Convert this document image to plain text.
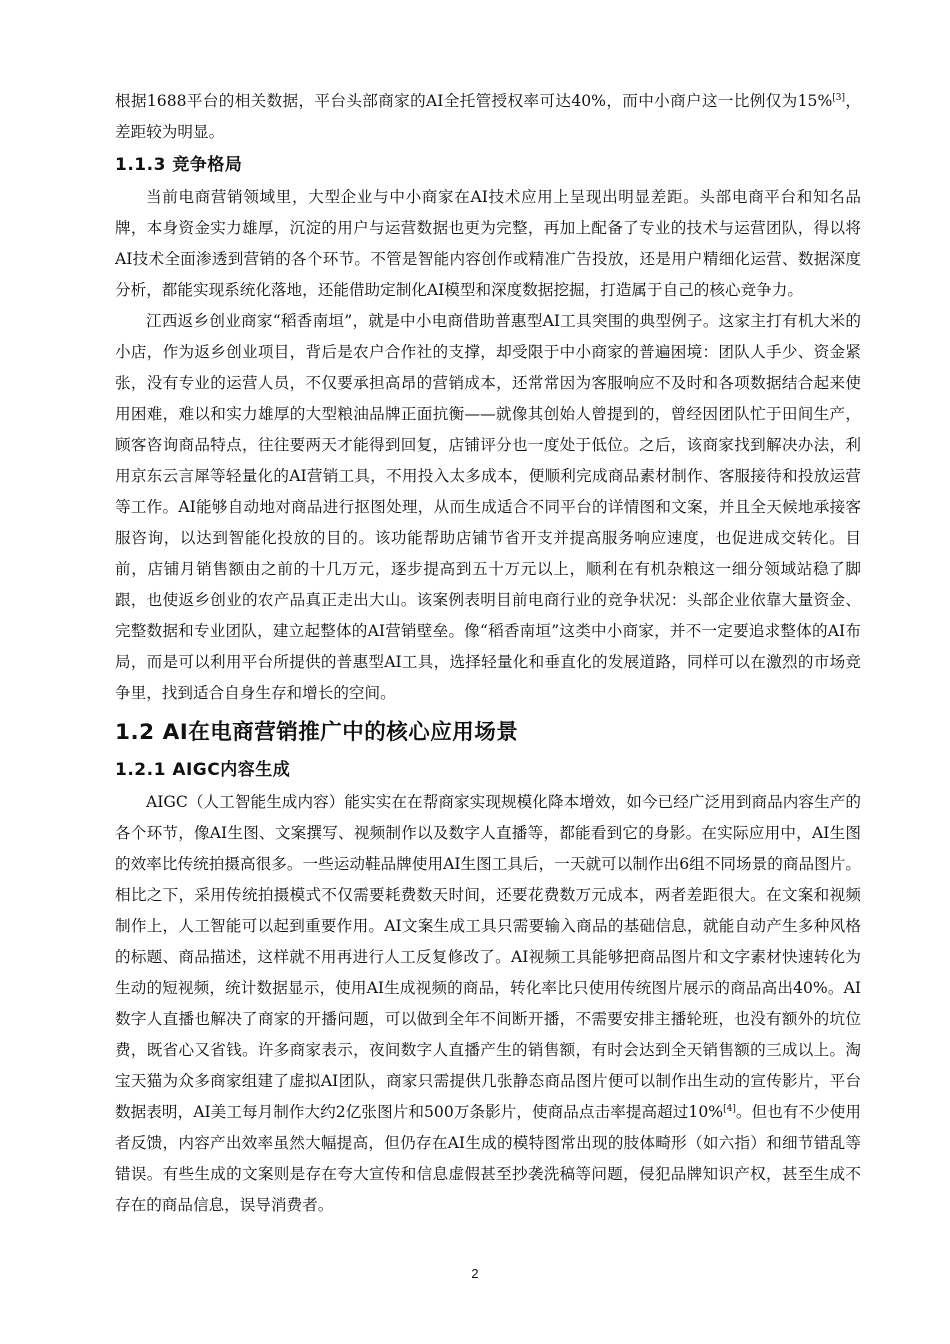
根据1688平台的相关数据，平台头部商家的AI全托管授权率可达40%，而中小商户这一比例仅为15%[3]，差距较为明显。

1.1.3 竞争格局

当前电商营销领域里，大型企业与中小商家在AI技术应用上呈现出明显差距。头部电商平台和知名品牌，本身资金实力雄厚，沉淀的用户与运营数据也更为完整，再加上配备了专业的技术与运营团队，得以将AI技术全面渗透到营销的各个环节。不管是智能内容创作或精准广告投放，还是用户精细化运营、数据深度分析，都能实现系统化落地，还能借助定制化AI模型和深度数据挖掘，打造属于自己的核心竞争力。

江西返乡创业商家“稻香南垣”，就是中小电商借助普惠型AI工具突围的典型例子。这家主打有机大米的小店，作为返乡创业项目，背后是农户合作社的支撑，却受限于中小商家的普遍困境：团队人手少、资金紧张，没有专业的运营人员，不仅要承担高昂的营销成本，还常常因为客服响应不及时和各项数据结合起来使用困难，难以和实力雄厚的大型粮油品牌正面抗衡——就像其创始人曾提到的，曾经因团队忙于田间生产，顾客咨询商品特点，往往要两天才能得到回复，店铺评分也一度处于低位。之后，该商家找到解决办法，利用京东云言犀等轻量化的AI营销工具，不用投入太多成本，便顺利完成商品素材制作、客服接待和投放运营等工作。AI能够自动地对商品进行抠图处理，从而生成适合不同平台的详情图和文案，并且全天候地承接客服咨询，以达到智能化投放的目的。该功能帮助店铺节省开支并提高服务响应速度，也促进成交转化。目前，店铺月销售额由之前的十几万元，逐步提高到五十万元以上，顺利在有机杂粮这一细分领域站稳了脚跟，也使返乡创业的农产品真正走出大山。该案例表明目前电商行业的竞争状况：头部企业依靠大量资金、完整数据和专业团队，建立起整体的AI营销壁垒。像“稻香南垣”这类中小商家，并不一定要追求整体的AI布局，而是可以利用平台所提供的普惠型AI工具，选择轻量化和垂直化的发展道路，同样可以在激烈的市场竞争里，找到适合自身生存和增长的空间。

1.2 AI在电商营销推广中的核心应用场景
1.2.1 AIGC内容生成

AIGC（人工智能生成内容）能实实在在帮商家实现规模化降本增效，如今已经广泛用到商品内容生产的各个环节，像AI生图、文案撰写、视频制作以及数字人直播等，都能看到它的身影。在实际应用中，AI生图的效率比传统拍摄高很多。一些运动鞋品牌使用AI生图工具后，一天就可以制作出6组不同场景的商品图片。相比之下，采用传统拍摄模式不仅需要耗费数天时间，还要花费数万元成本，两者差距很大。在文案和视频制作上，人工智能可以起到重要作用。AI文案生成工具只需要输入商品的基础信息，就能自动产生多种风格的标题、商品描述，这样就不用再进行人工反复修改了。AI视频工具能够把商品图片和文字素材快速转化为生动的短视频，统计数据显示，使用AI生成视频的商品，转化率比只使用传统图片展示的商品高出40%。AI数字人直播也解决了商家的开播问题，可以做到全年不间断开播，不需要安排主播轮班，也没有额外的坑位费，既省心又省钱。许多商家表示，夜间数字人直播产生的销售额，有时会达到全天销售额的三成以上。淘宝天猫为众多商家组建了虚拟AI团队，商家只需提供几张静态商品图片便可以制作出生动的宣传影片，平台数据表明，AI美工每月制作大约2亿张图片和500万条影片，使商品点击率提高超过10%[4]。但也有不少使用者反馈，内容产出效率虽然大幅提高，但仍存在AI生成的模特图常出现的肢体畸形（如六指）和细节错乱等错误。有些生成的文案则是存在夸大宣传和信息虚假甚至抄袭洗稿等问题，侵犯品牌知识产权，甚至生成不存在的商品信息，误导消费者。

2
